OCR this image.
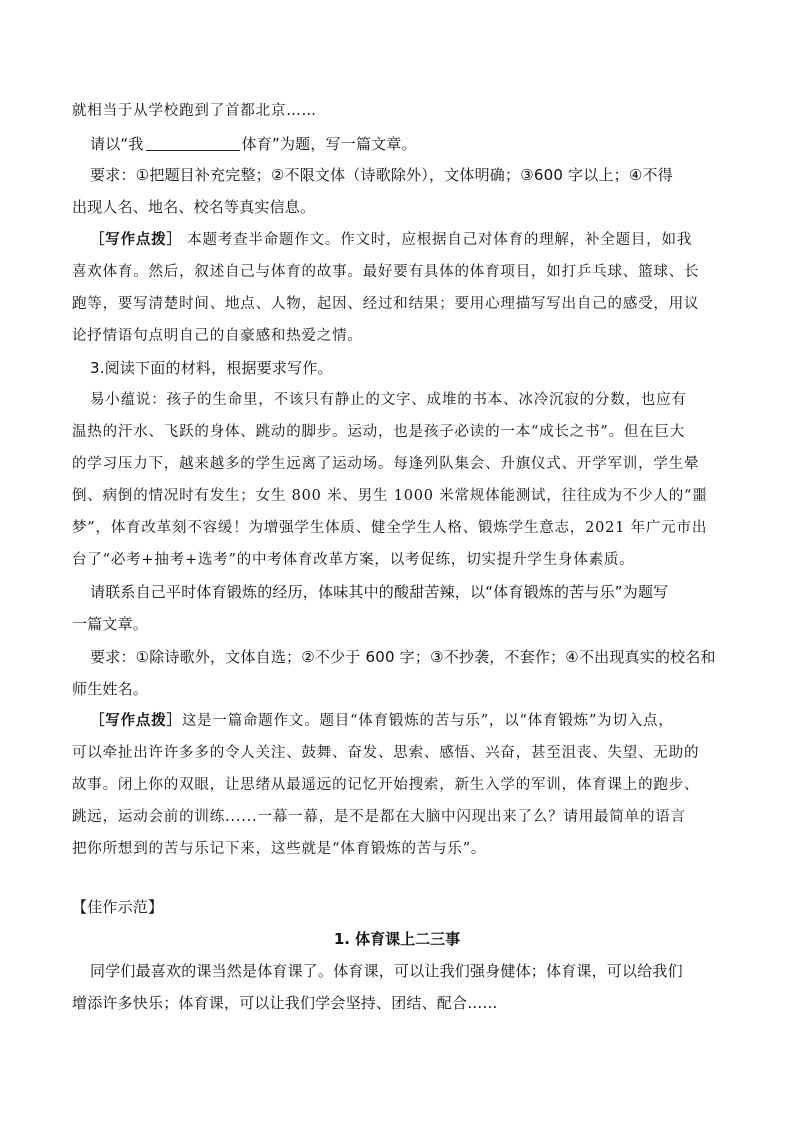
就相当于从学校跑到了首都北京……
请以“我	体育”为题，写一篇文章。
要求：①把题目补充完整；②不限文体（诗歌除外），文体明确；③600 字以上；④不得
出现人名、地名、校名等真实信息。
［写作点拨］ 本题考查半命题作文。作文时，应根据自己对体育的理解，补全题目，如我
喜欢体育。然后，叙述自己与体育的故事。最好要有具体的体育项目，如打乒乓球、篮球、长
跑等，要写清楚时间、地点、人物，起因、经过和结果；要用心理描写写出自己的感受，用议
论抒情语句点明自己的自豪感和热爱之情。
3.阅读下面的材料，根据要求写作。
易小蕴说：孩子的生命里，不该只有静止的文字、成堆的书本、冰冷沉寂的分数，也应有
温热的汗水、飞跃的身体、跳动的脚步。运动，也是孩子必读的一本“成长之书”。但在巨大
的学习压力下，越来越多的学生远离了运动场。每逢列队集会、升旗仪式、开学军训，学生晕
倒、病倒的情况时有发生；女生 800 米、男生 1000 米常规体能测试，往往成为不少人的“噩
梦”，体育改革刻不容缓！为增强学生体质、健全学生人格、锻炼学生意志，2021 年广元市出
台了“必考+抽考+选考”的中考体育改革方案，以考促练，切实提升学生身体素质。
请联系自己平时体育锻炼的经历，体味其中的酸甜苦辣，以“体育锻炼的苦与乐”为题写
一篇文章。
要求：①除诗歌外，文体自选；②不少于 600 字；③不抄袭，不套作；④不出现真实的校名和
师生姓名。
［写作点拨］这是一篇命题作文。题目“体育锻炼的苦与乐”，以“体育锻炼”为切入点，
可以牵扯出许许多多的令人关注、鼓舞、奋发、思索、感悟、兴奋，甚至沮丧、失望、无助的
故事。闭上你的双眼，让思绪从最遥远的记忆开始搜索，新生入学的军训，体育课上的跑步、
跳远，运动会前的训练......一幕一幕，是不是都在大脑中闪现出来了么？请用最简单的语言
把你所想到的苦与乐记下来，这些就是“体育锻炼的苦与乐”。
【佳作示范】
1. 体育课上二三事
同学们最喜欢的课当然是体育课了。体育课，可以让我们强身健体；体育课，可以给我们
增添许多快乐；体育课，可以让我们学会坚持、团结、配合……
